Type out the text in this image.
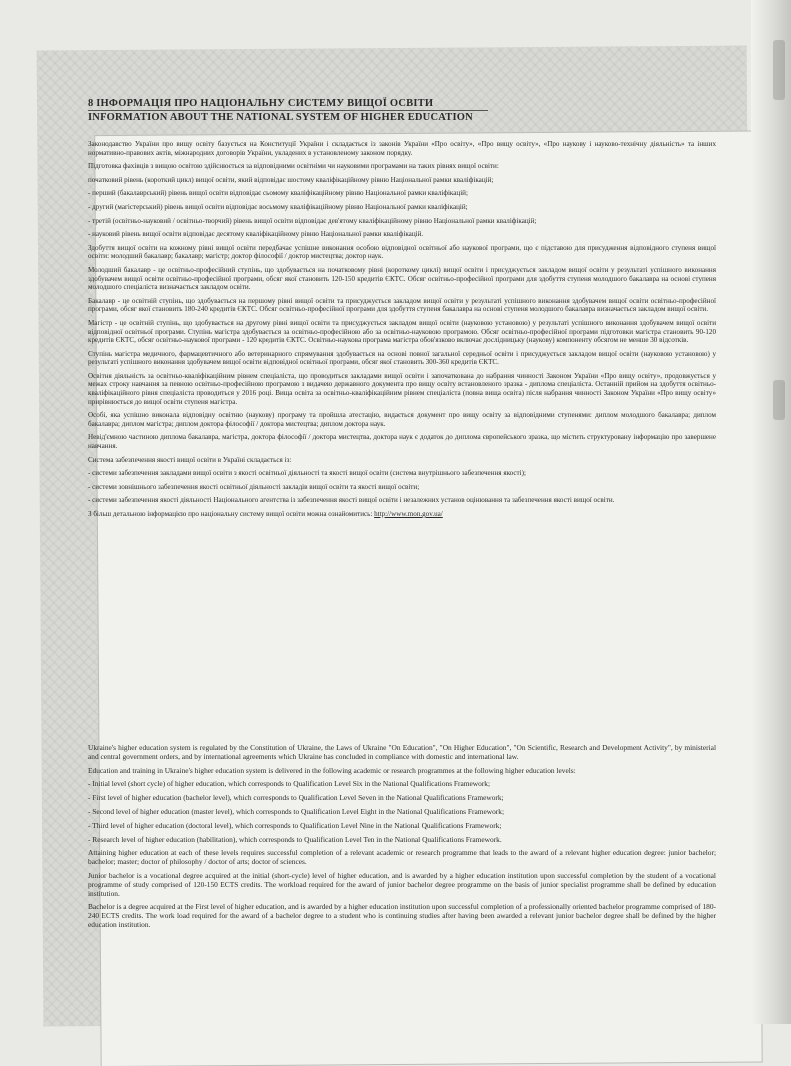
8 ІНФОРМАЦІЯ ПРО НАЦІОНАЛЬНУ СИСТЕМУ ВИЩОЇ ОСВІТИ
INFORMATION ABOUT THE NATIONAL SYSTEM OF HIGHER EDUCATION

Законодавство України про вищу освіту базується на Конституції України і складається із законів України «Про освіту», «Про вищу освіту», «Про наукову і науково-технічну діяльність» та інших нормативно-правових актів, міжнародних договорів України, укладених в установленому законом порядку.

Підготовка фахівців з вищою освітою здійснюється за відповідними освітніми чи науковими програмами на таких рівнях вищої освіти:

початковий рівень (короткий цикл) вищої освіти, який відповідає шостому кваліфікаційному рівню Національної рамки кваліфікацій;

- перший (бакалаврський) рівень вищої освіти відповідає сьомому кваліфікаційному рівню Національної рамки кваліфікацій;

- другий (магістерський) рівень вищої освіти відповідає восьмому кваліфікаційному рівню Національної рамки кваліфікацій;

- третій (освітньо-науковий / освітньо-творчий) рівень вищої освіти відповідає дев'ятому кваліфікаційному рівню Національної рамки кваліфікацій;

- науковий рівень вищої освіти відповідає десятому кваліфікаційному рівню Національної рамки кваліфікацій.

Здобуття вищої освіти на кожному рівні вищої освіти передбачає успішне виконання особою відповідної освітньої або наукової програми, що є підставою для присудження відповідного ступеня вищої освіти: молодший бакалавр; бакалавр; магістр; доктор філософії / доктор мистецтва; доктор наук.

Молодший бакалавр - це освітньо-професійний ступінь, що здобувається на початковому рівні (короткому циклі) вищої освіти і присуджується закладом вищої освіти у результаті успішного виконання здобувачем вищої освіти освітньо-професійної програми, обсяг якої становить 120-150 кредитів ЄКТС. Обсяг освітньо-професійної програми для здобуття ступеня молодшого бакалавра на основі ступеня молодшого спеціаліста визначається закладом освіти.

Бакалавр - це освітній ступінь, що здобувається на першому рівні вищої освіти та присуджується закладом вищої освіти у результаті успішного виконання здобувачем вищої освіти освітньо-професійної програми, обсяг якої становить 180-240 кредитів ЄКТС. Обсяг освітньо-професійної програми для здобуття ступеня бакалавра на основі ступеня молодшого бакалавра визначається закладом вищої освіти.

Магістр - це освітній ступінь, що здобувається на другому рівні вищої освіти та присуджується закладом вищої освіти (науковою установою) у результаті успішного виконання здобувачем вищої освіти відповідної освітньої програми. Ступінь магістра здобувається за освітньо-професійною або за освітньо-науковою програмою. Обсяг освітньо-професійної програми підготовки магістра становить 90-120 кредитів ЄКТС, обсяг освітньо-наукової програми - 120 кредитів ЄКТС. Освітньо-наукова програма магістра обов'язково включає дослідницьку (наукову) компоненту обсягом не менше 30 відсотків.

Ступінь магістра медичного, фармацевтичного або ветеринарного спрямування здобувається на основі повної загальної середньої освіти і присуджується закладом вищої освіти (науковою установою) у результаті успішного виконання здобувачем вищої освіти відповідної освітньої програми, обсяг якої становить 300-360 кредитів ЄКТС.

Освітня діяльність за освітньо-кваліфікаційним рівнем спеціаліста, що проводиться закладами вищої освіти і започаткована до набрання чинності Законом України «Про вищу освіту», продовжується у межах строку навчання за певною освітньо-професійною програмою з видачею державного документа про вищу освіту встановленого зразка - диплома спеціаліста. Останній прийом на здобуття освітньо-кваліфікаційного рівня спеціаліста проводиться у 2016 році. Вища освіта за освітньо-кваліфікаційним рівнем спеціаліста (повна вища освіта) після набрання чинності Законом України «Про вищу освіту» прирівнюється до вищої освіти ступеня магістра.

Особі, яка успішно виконала відповідну освітню (наукову) програму та пройшла атестацію, видається документ про вищу освіту за відповідними ступенями: диплом молодшого бакалавра; диплом бакалавра; диплом магістра; диплом доктора філософії / доктора мистецтва; диплом доктора наук.

Невід'ємною частиною диплома бакалавра, магістра, доктора філософії / доктора мистецтва, доктора наук є додаток до диплома європейського зразка, що містить структуровану інформацію про завершене навчання.

Система забезпечення якості вищої освіти в Україні складається із:

- системи забезпечення закладами вищої освіти з якості освітньої діяльності та якості вищої освіти (система внутрішнього забезпечення якості);

- системи зовнішнього забезпечення якості освітньої діяльності закладів вищої освіти та якості вищої освіти;

- системи забезпечення якості діяльності Національного агентства із забезпечення якості вищої освіти і незалежних установ оцінювання та забезпечення якості вищої освіти.

З більш детальною інформацією про національну систему вищої освіти можна ознайомитись: http://www.mon.gov.ua/

Ukraine's higher education system is regulated by the Constitution of Ukraine, the Laws of Ukraine "On Education", "On Higher Education", "On Scientific, Research and Development Activity", by ministerial and central government orders, and by international agreements which Ukraine has concluded in compliance with domestic and international law.

Education and training in Ukraine's higher education system is delivered in the following academic or research programmes at the following higher education levels:

- Initial level (short cycle) of higher education, which corresponds to Qualification Level Six in the National Qualifications Framework;

- First level of higher education (bachelor level), which corresponds to Qualification Level Seven in the National Qualifications Framework;

- Second level of higher education (master level), which corresponds to Qualification Level Eight in the National Qualifications Framework;

- Third level of higher education (doctoral level), which corresponds to Qualification Level Nine in the National Qualifications Framework;

- Research level of higher education (habilitation), which corresponds to Qualification Level Ten in the National Qualifications Framework.

Attaining higher education at each of these levels requires successful completion of a relevant academic or research programme that leads to the award of a relevant higher education degree: junior bachelor; bachelor; master; doctor of philosophy / doctor of arts; doctor of sciences.

Junior bachelor is a vocational degree acquired at the initial (short-cycle) level of higher education, and is awarded by a higher education institution upon successful completion by the student of a vocational programme of study comprised of 120-150 ECTS credits. The workload required for the award of junior bachelor degree programme on the basis of junior specialist programme shall be defined by education institution.

Bachelor is a degree acquired at the First level of higher education, and is awarded by a higher education institution upon successful completion of a professionally oriented bachelor programme comprised of 180-240 ECTS credits. The work load required for the award of a bachelor degree to a student who is continuing studies after having been awarded a relevant junior bachelor degree shall be defined by the higher education institution.
